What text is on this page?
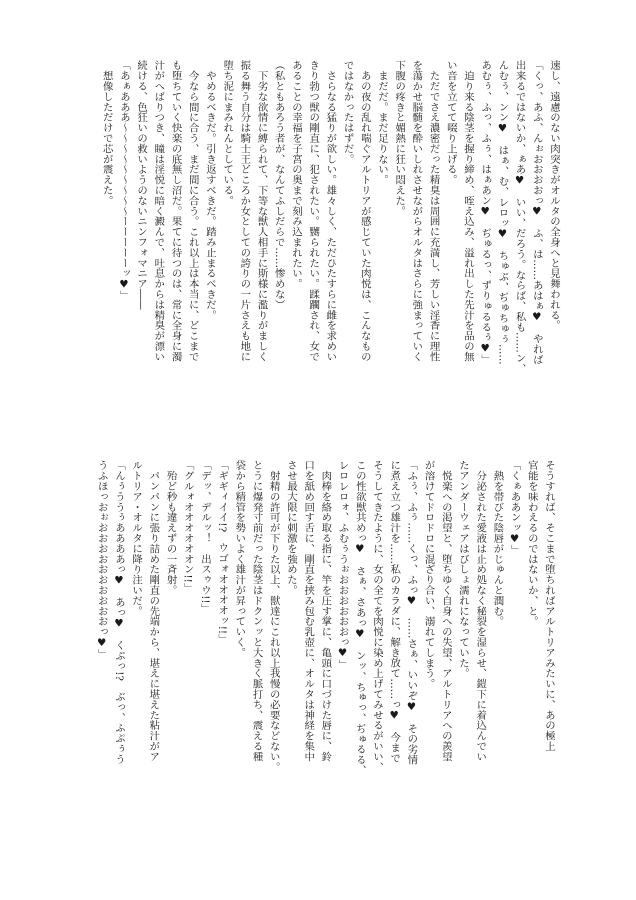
速し、遠慮のない肉突きがオルタの全身へと見舞われる。
「くっ、あふ、んぉおおおおっ♥　ふ、は……あはぁ♥　やれば
出来るではないか、ぁあ♥　いい、だろう。ならば、私も……ン、
んむぅ、ンン♥　はぁ、む、レロッ♥　ちゅぷ、ぢゅちゅぅ……
あむぅ、ふっ、ふぅ、はぁあン♥　ぢゅるっ、ずりゅるるぅ♥」
　迫り来る陰茎を握り締め、咥え込み、溢れ出した先汁を品の無
い音を立てて啜り上げる。
　ただでさえ濃密だった精臭は周囲に充満し、芳しい淫香に理性
を蕩かせ脳髄を酔いしれさせながらオルタはさらに強まっていく
下腹の疼きと媚熱に狂い悶えた。
　まだだ。まだ足りない。
　あの夜の乱れ喘ぐアルトリアが感じていた肉悦は、こんなもの
ではなかったはずだ。
　さらなる猛りが欲しい。雄々しく、ただひたすらに雌を求めい
きり勃つ獣の剛直に、犯されたい。嬲られたい。蹂躙され、女で
あることの幸福を子宮の奥まで刻み込まれたい。
（私ともあろう者が、なんてふしだらで……惨めな）
　下劣な欲情に縛られて、下等な獣人相手に斯様に濫りがましく
振る舞う自分は騎士王どころか女としての誇りの一片さえも地に
堕ち泥にまみれんとしている。
　やめるべきだ。引き返すべきだ。踏み止まるべきだ。
　今なら間に合う、まだ間に合う。これ以上は本当に、どこまで
も堕ちていく快楽の底無し沼だ。果てに待つのは、常に全身に濁
汁がへばりつき、瞳は淫悦に暗く澱んで、吐息からは精臭が漂い
続ける、色狂いの救いようのないニンフォマニア――
「あぁあああ～～～～～～～～～ーーーーーッ♥」
　想像しただけで芯が震えた。
そうすれば、そこまで堕ちればアルトリアみたいに、あの極上
官能を味わえるのではないか、と。
「くぁああンッ♥」
　熱を帯びた陰唇がじゅんと潤む。
　分泌された愛液は止め処なく秘裂を湿らせ、鎧下に着込んでい
たアンダーウェアはびしょ濡れになっていた。
　悦楽への渇望と、堕ちゆく自身への失望、アルトリアへの羨望
が溶けてドロドロに混ざり合い、溺れてしまう。
「ふぅ、ふぅ……くっ、ふっ♥　……さぁ、いいぞ♥　その劣情
に煮え立つ雄汁を……私のカラダに、解き放て……っ♥　今まで
そうしてきたように、女の全てを肉悦に染め上げてみせるがいい、
この性欲獣共めっ♥　さぁ、さあっ♥　ンッ、ちゅっ、ぢゅるる、
レロレロォ、ふむぅうぉおおおおおおっ♥」
　肉棒を絡め取る指に、竿を圧す掌に、亀頭に口づけた唇に、鈴
口を舐め回す舌に、剛直を挟み包む乳壺に、オルタは神経を集中
させ最大限に刺激を強めた。
　射精の許可が下りた以上、獣達にこれ以上我慢の必要などない。
とうに爆発寸前だった陰茎はドクンッと大きく脈打ち、震える種
袋から精管を勢いよく雄汁が昇っていく。
「ギギィイイ!?　ウゴォオオオオッ!!」
「デッ、デルッ！　出スゥウ!!」
「グルォオオオオオオン!!」
　殆ど秒も違えずの一斉射。
　パンパンに張り詰めた剛直の先端から、堪えに堪えた粘汁がア
ルトリア・オルタに降り注いだ。
「んぅううぅああああっ♥　あっ♥　くぷっ!?　ぶっ、ふぷぅう
うふほっおぉおおおおおおおおおおっ♥」
